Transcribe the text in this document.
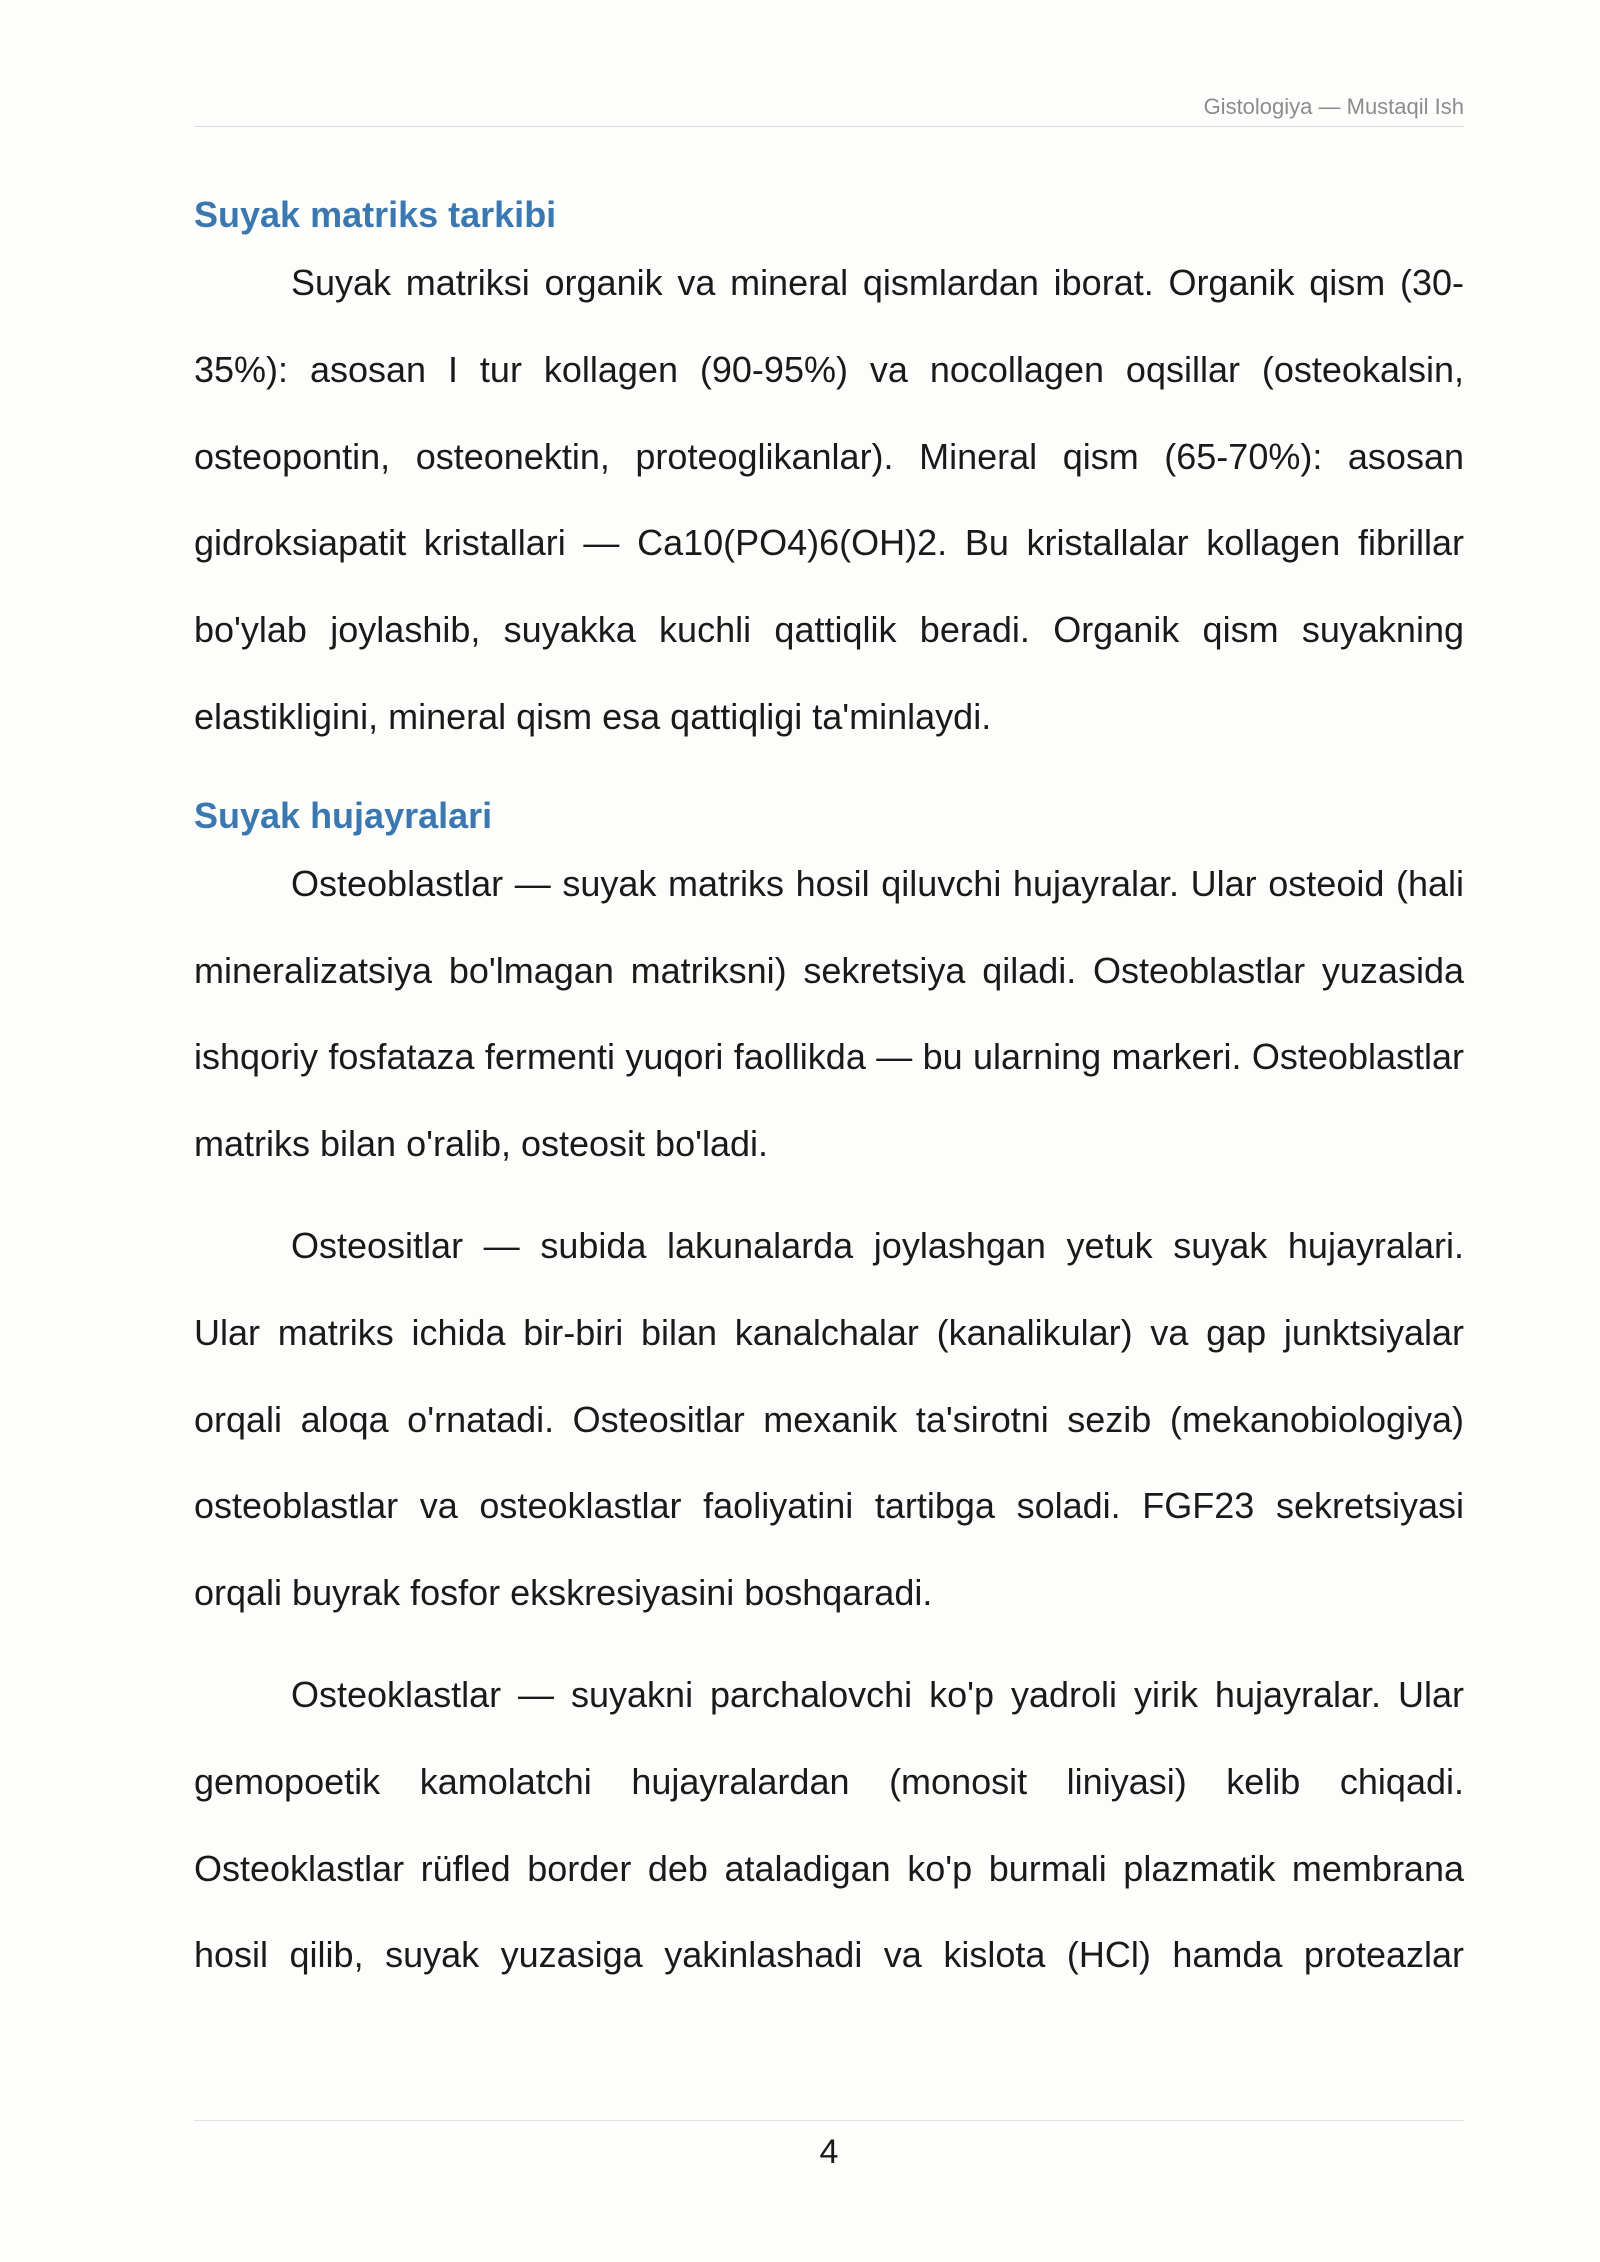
Gistologiya — Mustaqil Ish
Suyak matriks tarkibi

Suyak matriksi organik va mineral qismlardan iborat. Organik qism (30-35%): asosan I tur kollagen (90-95%) va nocollagen oqsillar (osteokalsin, osteopontin, osteonektin, proteoglikanlar). Mineral qism (65-70%): asosan gidroksiapatit kristallari — Ca10(PO4)6(OH)2. Bu kristallalar kollagen fibrillar bo'ylab joylashib, suyakka kuchli qattiqlik beradi. Organik qism suyakning elastikligini, mineral qism esa qattiqligi ta'minlaydi.

Suyak hujayralari

Osteoblastlar — suyak matriks hosil qiluvchi hujayralar. Ular osteoid (hali mineralizatsiya bo'lmagan matriksni) sekretsiya qiladi. Osteoblastlar yuzasida ishqoriy fosfataza fermenti yuqori faollikda — bu ularning markeri. Osteoblastlar matriks bilan o'ralib, osteosit bo'ladi.

Osteositlar — subida lakunalarda joylashgan yetuk suyak hujayralari. Ular matriks ichida bir-biri bilan kanalchalar (kanalikular) va gap junktsiyalar orqali aloqa o'rnatadi. Osteositlar mexanik ta'sirotni sezib (mekanobiologiya) osteoblastlar va osteoklastlar faoliyatini tartibga soladi. FGF23 sekretsiyasi orqali buyrak fosfor ekskresiyasini boshqaradi.

Osteoklastlar — suyakni parchalovchi ko'p yadroli yirik hujayralar. Ular gemopoetik kamolatchi hujayralardan (monosit liniyasi) kelib chiqadi. Osteoklastlar rüfled border deb ataladigan ko'p burmali plazmatik membrana hosil qilib, suyak yuzasiga yakinlashadi va kislota (HCl) hamda proteazlar

4
